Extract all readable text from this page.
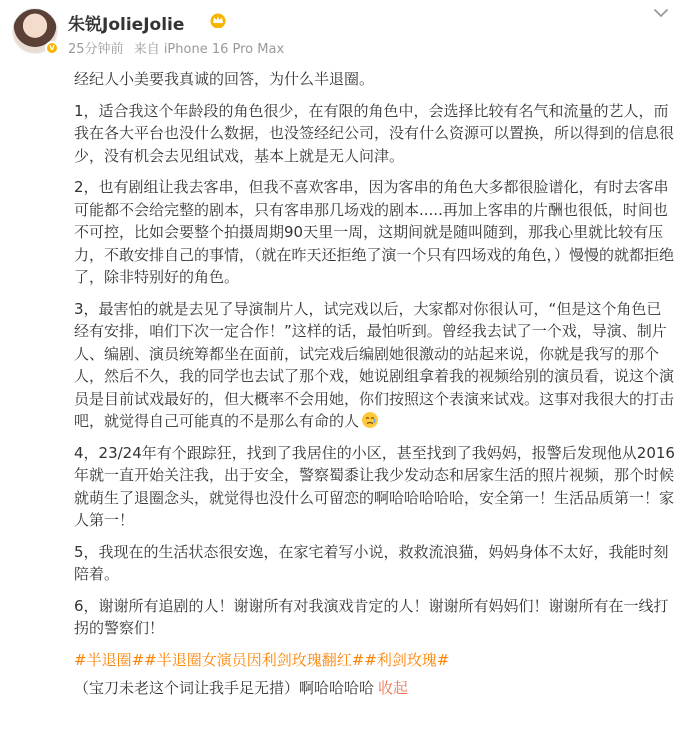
V
朱锐JolieJolie
25分钟前 来自 iPhone 16 Pro Max
经纪人小美要我真诚的回答，为什么半退圈。
1，适合我这个年龄段的角色很少，在有限的角色中，会选择比较有名气和流量的艺人，而我在各大平台也没什么数据，也没签经纪公司，没有什么资源可以置换，所以得到的信息很少，没有机会去见组试戏，基本上就是无人问津。
2，也有剧组让我去客串，但我不喜欢客串，因为客串的角色大多都很脸谱化，有时去客串可能都不会给完整的剧本，只有客串那几场戏的剧本.....再加上客串的片酬也很低，时间也不可控，比如会要整个拍摄周期90天里一周，这期间就是随叫随到，那我心里就比较有压力，不敢安排自己的事情，（就在昨天还拒绝了演一个只有四场戏的角色，）慢慢的就都拒绝了，除非特别好的角色。
3，最害怕的就是去见了导演制片人，试完戏以后，大家都对你很认可，“但是这个角色已经有安排，咱们下次一定合作！”这样的话，最怕听到。曾经我去试了一个戏，导演、制片人、编剧、演员统筹都坐在面前，试完戏后编剧她很激动的站起来说，你就是我写的那个人，然后不久，我的同学也去试了那个戏，她说剧组拿着我的视频给别的演员看，说这个演员是目前试戏最好的，但大概率不会用她，你们按照这个表演来试戏。这事对我很大的打击吧，就觉得自己可能真的不是那么有命的人
4，23/24年有个跟踪狂，找到了我居住的小区，甚至找到了我妈妈，报警后发现他从2016年就一直开始关注我，出于安全，警察蜀黍让我少发动态和居家生活的照片视频，那个时候就萌生了退圈念头，就觉得也没什么可留恋的啊哈哈哈哈哈，安全第一！生活品质第一！家人第一！
5，我现在的生活状态很安逸，在家宅着写小说，救救流浪猫，妈妈身体不太好，我能时刻陪着。
6，谢谢所有追剧的人！谢谢所有对我演戏肯定的人！谢谢所有妈妈们！谢谢所有在一线打拐的警察们！
#半退圈##半退圈女演员因利剑玫瑰翻红##利剑玫瑰#
（宝刀未老这个词让我手足无措）啊哈哈哈哈 收起
